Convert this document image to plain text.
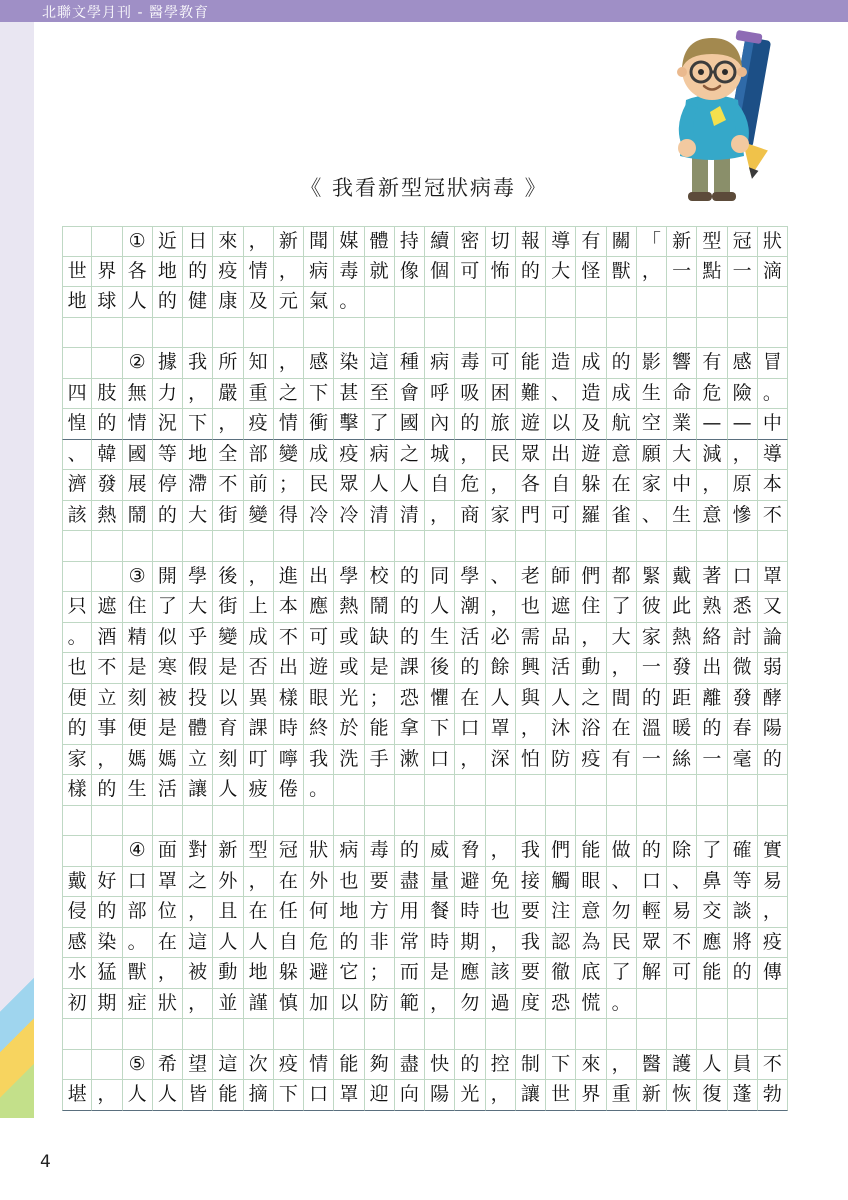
北聯文學月刊 - 醫學教育
《 我看新型冠狀病毒 》
① 近 日 來 ， 新 聞 媒 體 持 續 密 切 報 導 有 關 「 新 型 冠 狀
世 界 各 地 的 疫 情 ， 病 毒 就 像 個 可 怖 的 大 怪 獸 ， 一 點 一 滴
地 球 人 的 健 康 及 元 氣 。
② 據 我 所 知 ， 感 染 這 種 病 毒 可 能 造 成 的 影 響 有 感 冒
四 肢 無 力 ， 嚴 重 之 下 甚 至 會 呼 吸 困 難 、 造 成 生 命 危 險 。
惶 的 情 況 下 ， 疫 情 衝 擊 了 國 內 的 旅 遊 以 及 航 空 業 — — 中
、 韓 國 等 地 全 部 變 成 疫 病 之 城 ， 民 眾 出 遊 意 願 大 減 ， 導
濟 發 展 停 滯 不 前 ； 民 眾 人 人 自 危 ， 各 自 躲 在 家 中 ， 原 本
該 熱 鬧 的 大 街 變 得 冷 冷 清 清 ， 商 家 門 可 羅 雀 、 生 意 慘 不
③ 開 學 後 ， 進 出 學 校 的 同 學 、 老 師 們 都 緊 戴 著 口 罩
只 遮 住 了 大 街 上 本 應 熱 鬧 的 人 潮 ， 也 遮 住 了 彼 此 熟 悉 又
。 酒 精 似 乎 變 成 不 可 或 缺 的 生 活 必 需 品 ， 大 家 熱 絡 討 論
也 不 是 寒 假 是 否 出 遊 或 是 課 後 的 餘 興 活 動 ， 一 發 出 微 弱
便 立 刻 被 投 以 異 樣 眼 光 ； 恐 懼 在 人 與 人 之 間 的 距 離 發 酵
的 事 便 是 體 育 課 時 終 於 能 拿 下 口 罩 ， 沐 浴 在 溫 暖 的 春 陽
家 ， 媽 媽 立 刻 叮 嚀 我 洗 手 漱 口 ， 深 怕 防 疫 有 一 絲 一 毫 的
樣 的 生 活 讓 人 疲 倦 。
④ 面 對 新 型 冠 狀 病 毒 的 威 脅 ， 我 們 能 做 的 除 了 確 實
戴 好 口 罩 之 外 ， 在 外 也 要 盡 量 避 免 接 觸 眼 、 口 、 鼻 等 易
侵 的 部 位 ， 且 在 任 何 地 方 用 餐 時 也 要 注 意 勿 輕 易 交 談 ，
感 染 。 在 這 人 人 自 危 的 非 常 時 期 ， 我 認 為 民 眾 不 應 將 疫
水 猛 獸 ， 被 動 地 躲 避 它 ； 而 是 應 該 要 徹 底 了 解 可 能 的 傳
初 期 症 狀 ， 並 謹 慎 加 以 防 範 ， 勿 過 度 恐 慌 。
⑤ 希 望 這 次 疫 情 能 夠 盡 快 的 控 制 下 來 ， 醫 護 人 員 不
堪 ， 人 人 皆 能 摘 下 口 罩 迎 向 陽 光 ， 讓 世 界 重 新 恢 復 蓬 勃
4
